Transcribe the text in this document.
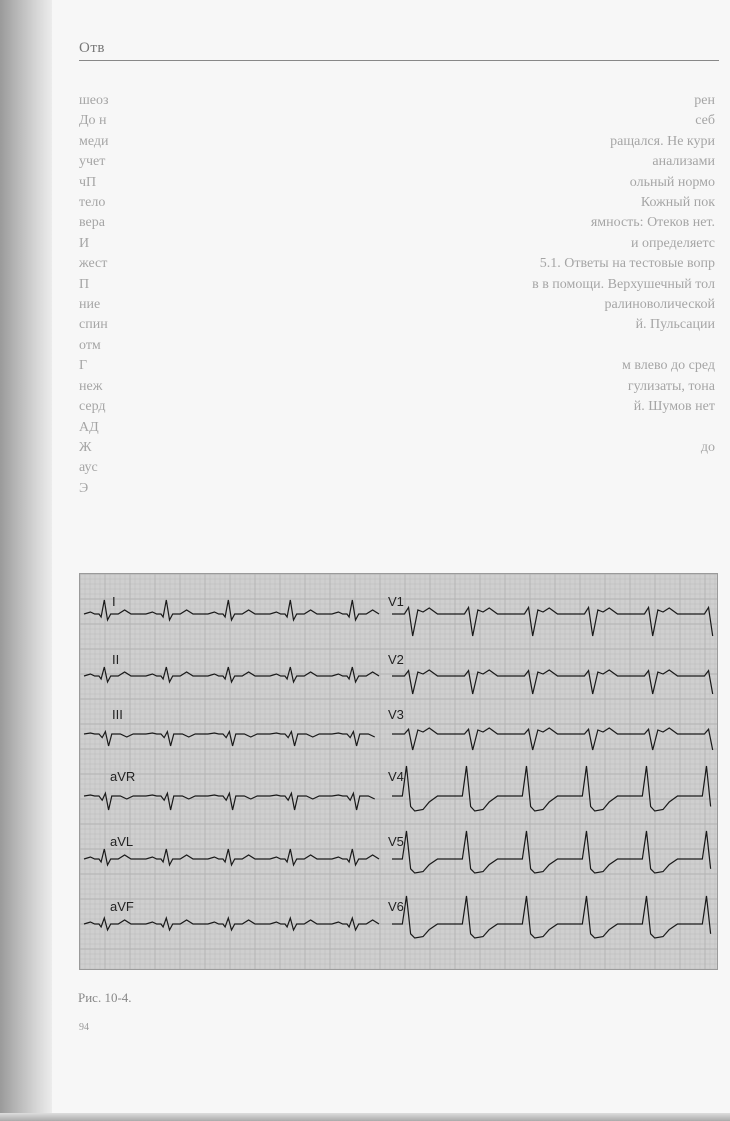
Отв
шеоз
До н
меди
учет
чП
тело
вера
И
жест
П
ние
спин
отм
Г
неж
серд
АД
Ж
аус
Э
рен
себ
ращался. Не кури
анализами
ольный нормо
Кожный пок
ямность: Отеков нет.
и определяетс
5.1. Ответы на тестовые вопр
в в помощи. Верхушечный тол
ралиноволической
й. Пульсации

м влево до сред
гулизаты, тона
й. Шумов нет

до

I
II
III
aVR
aVL
aVF
V1
V2
V3
V4
V5
V6
Рис. 10-4.
94
